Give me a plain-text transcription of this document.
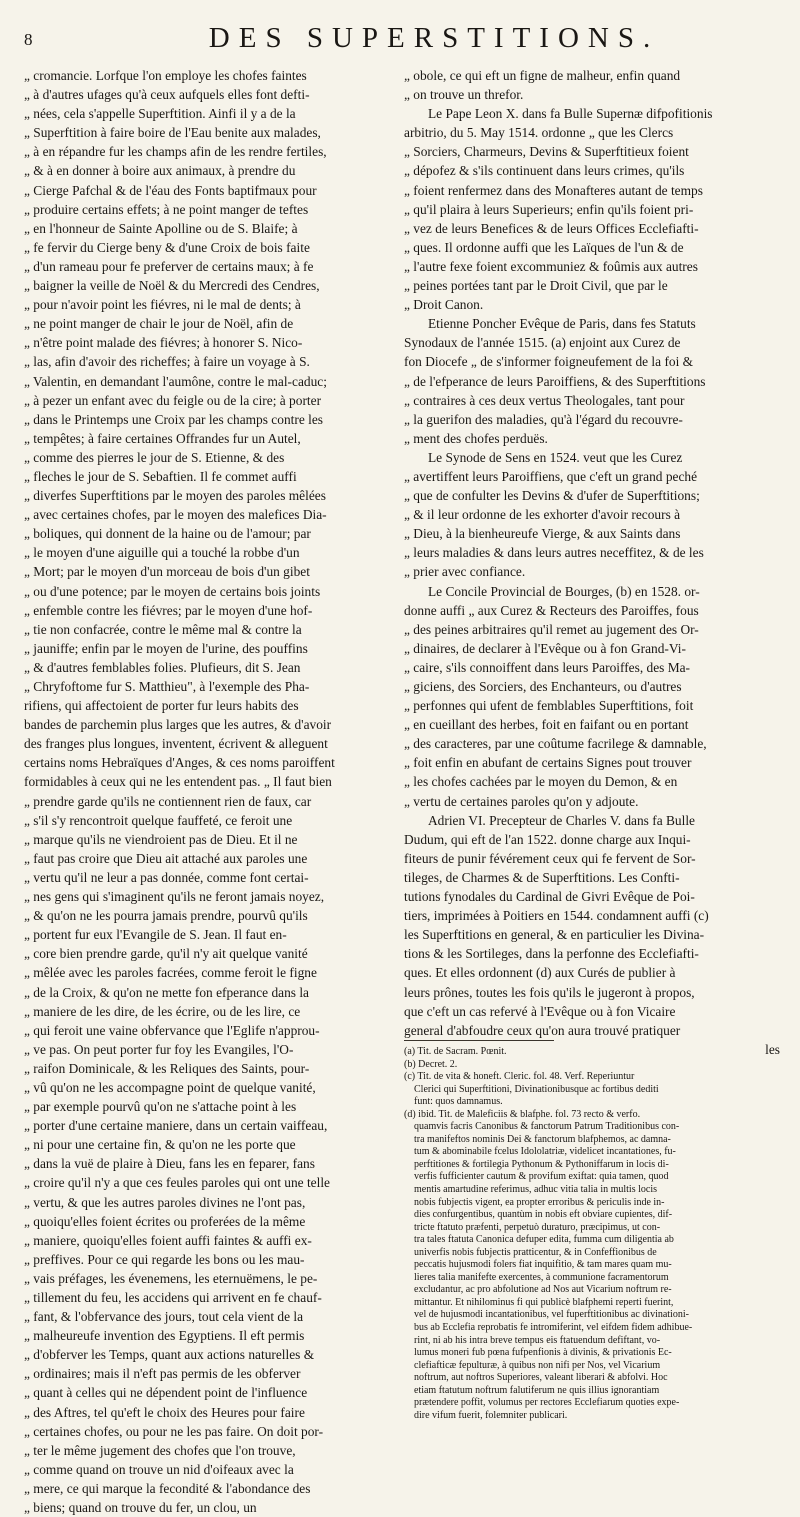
8	DES SUPERSTITIONS.
„ cromancie. Lorfque l'on employe les chofes faintes
„ à d'autres ufages qu'à ceux aufquels elles font defti-
„ nées, cela s'appelle Superftition. Ainfi il y a de la
„ Superftition à faire boire de l'Eau benite aux malades,
„ à en répandre fur les champs afin de les rendre fertiles,
„ & à en donner à boire aux animaux, à prendre du
„ Cierge Pafchal & de l'éau des Fonts baptifmaux pour
„ produire certains effets; à ne point manger de teftes
„ en l'honneur de Sainte Apolline ou de S. Blaife; à
„ fe fervir du Cierge beny & d'une Croix de bois faite
„ d'un rameau pour fe preferver de certains maux; à fe
„ baigner la veille de Noël & du Mercredi des Cendres,
„ pour n'avoir point les fiévres, ni le mal de dents; à
„ ne point manger de chair le jour de Noël, afin de
„ n'être point malade des fiévres; à honorer S. Nico-
„ las, afin d'avoir des richeffes; à faire un voyage à S.
„ Valentin, en demandant l'aumône, contre le mal-caduc;
„ à pezer un enfant avec du feigle ou de la cire; à porter
„ dans le Printemps une Croix par les champs contre les
„ tempêtes; à faire certaines Offrandes fur un Autel,
„ comme des pierres le jour de S. Etienne, & des
„ fleches le jour de S. Sebaftien. Il fe commet auffi
„ diverfes Superftitions par le moyen des paroles mêlées
„ avec certaines chofes, par le moyen des malefices Dia-
„ boliques, qui donnent de la haine ou de l'amour; par
„ le moyen d'une aiguille qui a touché la robbe d'un
„ Mort; par le moyen d'un morceau de bois d'un gibet
„ ou d'une potence; par le moyen de certains bois joints
„ enfemble contre les fiévres; par le moyen d'une hof-
„ tie non confacrée, contre le même mal & contre la
„ jauniffe; enfin par le moyen de l'urine, des pouffins
„ & d'autres femblables folies. Plufieurs, dit S. Jean
„ Chryfoftome fur S. Matthieu", à l'exemple des Pha-
rifiens, qui affectoient de porter fur leurs habits des
bandes de parchemin plus larges que les autres, & d'avoir
des franges plus longues, inventent, écrivent & alleguent
certains noms Hebraïques d'Anges, & ces noms paroiffent
formidables à ceux qui ne les entendent pas. „ Il faut bien
„ prendre garde qu'ils ne contiennent rien de faux, car
„ s'il s'y rencontroit quelque fauffeté, ce feroit une
„ marque qu'ils ne viendroient pas de Dieu. Et il ne
„ faut pas croire que Dieu ait attaché aux paroles une
„ vertu qu'il ne leur a pas donnée, comme font certai-
„ nes gens qui s'imaginent qu'ils ne feront jamais noyez,
„ & qu'on ne les pourra jamais prendre, pourvû qu'ils
„ portent fur eux l'Evangile de S. Jean. Il faut en-
„ core bien prendre garde, qu'il n'y ait quelque vanité
„ mêlée avec les paroles facrées, comme feroit le figne
„ de la Croix, & qu'on ne mette fon efperance dans la
„ maniere de les dire, de les écrire, ou de les lire, ce
„ qui feroit une vaine obfervance que l'Eglife n'approu-
„ ve pas. On peut porter fur foy les Evangiles, l'O-
„ raifon Dominicale, & les Reliques des Saints, pour-
„ vû qu'on ne les accompagne point de quelque vanité,
„ par exemple pourvû qu'on ne s'attache point à les
„ porter d'une certaine maniere, dans un certain vaiffeau,
„ ni pour une certaine fin, & qu'on ne les porte que
„ dans la vuë de plaire à Dieu, fans les en feparer, fans
„ croire qu'il n'y a que ces feules paroles qui ont une telle
„ vertu, & que les autres paroles divines ne l'ont pas,
„ quoiqu'elles foient écrites ou proferées de la même
„ maniere, quoiqu'elles foient auffi faintes & auffi ex-
„ preffives. Pour ce qui regarde les bons ou les mau-
„ vais préfages, les évenemens, les eternuëmens, le pe-
„ tillement du feu, les accidens qui arrivent en fe chauf-
„ fant, & l'obfervance des jours, tout cela vient de la
„ malheureufe invention des Egyptiens. Il eft permis
„ d'obferver les Temps, quant aux actions naturelles &
„ ordinaires; mais il n'eft pas permis de les obferver
„ quant à celles qui ne dépendent point de l'influence
„ des Aftres, tel qu'eft le choix des Heures pour faire
„ certaines chofes, ou pour ne les pas faire. On doit por-
„ ter le même jugement des chofes que l'on trouve,
„ comme quand on trouve un nid d'oifeaux avec la
„ mere, ce qui marque la fecondité & l'abondance des
„ biens; quand on trouve du fer, un clou, un
„ obole, ce qui eft un figne de malheur, enfin quand
„ on trouve un threfor.
Le Pape Leon X. dans fa Bulle Supernæ difpofitionis
arbitrio, du 5. May 1514. ordonne „ que les Clercs
„ Sorciers, Charmeurs, Devins & Superftitieux foient
„ dépofez & s'ils continuent dans leurs crimes, qu'ils
„ foient renfermez dans des Monafteres autant de temps
„ qu'il plaira à leurs Superieurs; enfin qu'ils foient pri-
„ vez de leurs Benefices & de leurs Offices Ecclefiafti-
„ ques. Il ordonne auffi que les Laïques de l'un & de
„ l'autre fexe foient excommuniez & foûmis aux autres
„ peines portées tant par le Droit Civil, que par le
„ Droit Canon.
Etienne Poncher Evêque de Paris, dans fes Statuts
Synodaux de l'année 1515. (a) enjoint aux Curez de
fon Diocefe „ de s'informer foigneufement de la foi &
„ de l'efperance de leurs Paroiffiens, & des Superftitions
„ contraires à ces deux vertus Theologales, tant pour
„ la guerifon des maladies, qu'à l'égard du recouvre-
„ ment des chofes perduës.
Le Synode de Sens en 1524. veut que les Curez
„ avertiffent leurs Paroiffiens, que c'eft un grand peché
„ que de confulter les Devins & d'ufer de Superftitions;
„ & il leur ordonne de les exhorter d'avoir recours à
„ Dieu, à la bienheureufe Vierge, & aux Saints dans
„ leurs maladies & dans leurs autres neceffitez, & de les
„ prier avec confiance.
Le Concile Provincial de Bourges, (b) en 1528. or-
donne auffi „ aux Curez & Recteurs des Paroiffes, fous
„ des peines arbitraires qu'il remet au jugement des Or-
„ dinaires, de declarer à l'Evêque ou à fon Grand-Vi-
„ caire, s'ils connoiffent dans leurs Paroiffes, des Ma-
„ giciens, des Sorciers, des Enchanteurs, ou d'autres
„ perfonnes qui ufent de femblables Superftitions, foit
„ en cueillant des herbes, foit en faifant ou en portant
„ des caracteres, par une coûtume facrilege & damnable,
„ foit enfin en abufant de certains Signes pout trouver
„ les chofes cachées par le moyen du Demon, & en
„ vertu de certaines paroles qu'on y adjoute.
Adrien VI. Precepteur de Charles V. dans fa Bulle
Dudum, qui eft de l'an 1522. donne charge aux Inqui-
fiteurs de punir févérement ceux qui fe fervent de Sor-
tileges, de Charmes & de Superftitions. Les Confti-
tutions fynodales du Cardinal de Givri Evêque de Poi-
tiers, imprimées à Poitiers en 1544. condamnent auffi (c)
les Superftitions en general, & en particulier les Divina-
tions & les Sortileges, dans la perfonne des Ecclefiafti-
ques. Et elles ordonnent (d) aux Curés de publier à
leurs prônes, toutes les fois qu'ils le jugeront à propos,
que c'eft un cas refervé à l'Evêque ou à fon Vicaire
general d'abfoudre ceux qu'on aura trouvé pratiquer
les
(a) Tit. de Sacram. Pœnit.
(b) Decret. 2.
(c) Tit. de vita & honeft. Cleric. fol. 48. Verf. Reperiuntur
Clerici qui Superftitioni, Divinationibusque ac fortibus dediti
funt: quos damnamus.
(d) ibid. Tit. de Maleficiis & blafphe. fol. 73 recto & verfo.
quamvis facris Canonibus & fanctorum Patrum Traditionibus con-
tra manifeftos nominis Dei & fanctorum blafphemos, ac damna-
tum & abominabile fcelus Idololatriæ, videlicet incantationes, fu-
perftitiones & fortilegia Pythonum & Pythoniffarum in locis di-
verfis fufficienter cautum & provifum exiftat: quia tamen, quod
mentis amartudine referimus, adhuc vitia talia in multis locis
nobis fubjectis vigent, ea propter erroribus & periculis inde in-
dies confurgentibus, quantùm in nobis eft obviare cupientes, dif-
tricte ftatuto præfenti, perpetuò duraturo, præcipimus, ut con-
tra tales ftatuta Canonica defuper edita, fumma cum diligentia ab
univerfis nobis fubjectis pratticentur, & in Confeffionibus de
peccatis hujusmodi folers fiat inquifitio, & tam mares quam mu-
lieres talia manifefte exercentes, à communione facramentorum
excludantur, ac pro abfolutione ad Nos aut Vicarium noftrum re-
mittantur. Et nihilominus fi qui publicè blafphemi reperti fuerint,
vel de hujusmodi incantationibus, vel fuperftitionibus ac divinationi-
bus ab Ecclefia reprobatis fe intromiferint, vel eifdem fidem adhibue-
rint, ni ab his intra breve tempus eis ftatuendum defiftant, vo-
lumus moneri fub pœna fufpenfionis à divinis, & privationis Ec-
clefiafticæ fepulturæ, à quibus non nifi per Nos, vel Vicarium
noftrum, aut noftros Superiores, valeant liberari & abfolvi. Hoc
etiam ftatutum noftrum falutiferum ne quis illius ignorantiam
prætendere poffit, volumus per rectores Ecclefiarum quoties expe-
dire vifum fuerit, folemniter publicari.
